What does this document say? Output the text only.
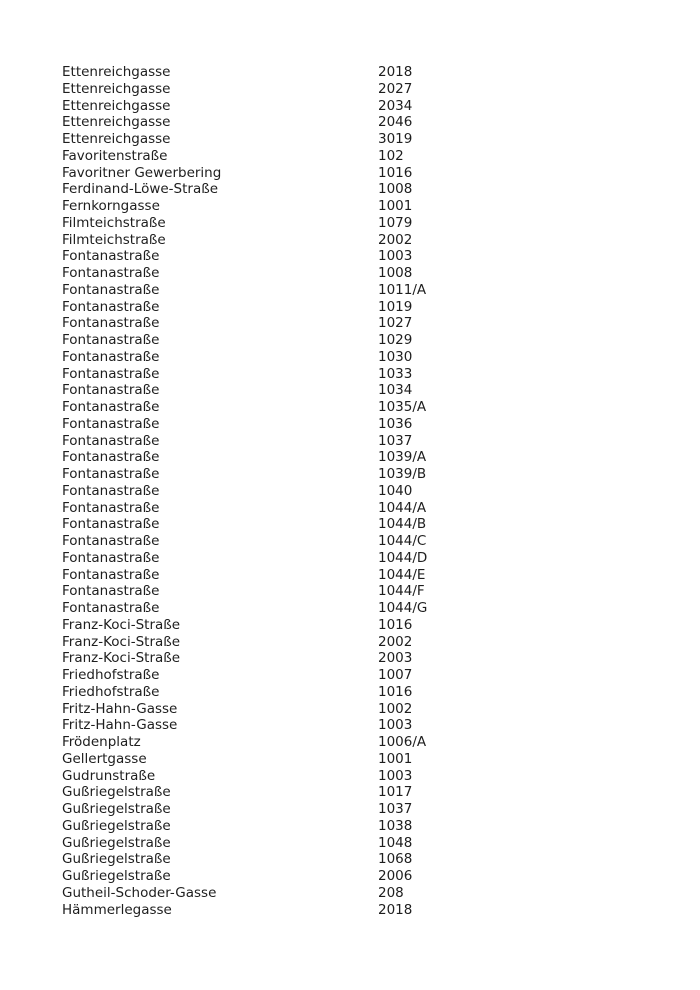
Ettenreichgasse	2018
Ettenreichgasse	2027
Ettenreichgasse	2034
Ettenreichgasse	2046
Ettenreichgasse	3019
Favoritenstraße	102
Favoritner Gewerbering	1016
Ferdinand-Löwe-Straße	1008
Fernkorngasse	1001
Filmteichstraße	1079
Filmteichstraße	2002
Fontanastraße	1003
Fontanastraße	1008
Fontanastraße	1011/A
Fontanastraße	1019
Fontanastraße	1027
Fontanastraße	1029
Fontanastraße	1030
Fontanastraße	1033
Fontanastraße	1034
Fontanastraße	1035/A
Fontanastraße	1036
Fontanastraße	1037
Fontanastraße	1039/A
Fontanastraße	1039/B
Fontanastraße	1040
Fontanastraße	1044/A
Fontanastraße	1044/B
Fontanastraße	1044/C
Fontanastraße	1044/D
Fontanastraße	1044/E
Fontanastraße	1044/F
Fontanastraße	1044/G
Franz-Koci-Straße	1016
Franz-Koci-Straße	2002
Franz-Koci-Straße	2003
Friedhofstraße	1007
Friedhofstraße	1016
Fritz-Hahn-Gasse	1002
Fritz-Hahn-Gasse	1003
Frödenplatz	1006/A
Gellertgasse	1001
Gudrunstraße	1003
Gußriegelstraße	1017
Gußriegelstraße	1037
Gußriegelstraße	1038
Gußriegelstraße	1048
Gußriegelstraße	1068
Gußriegelstraße	2006
Gutheil-Schoder-Gasse	208
Hämmerlegasse	2018
